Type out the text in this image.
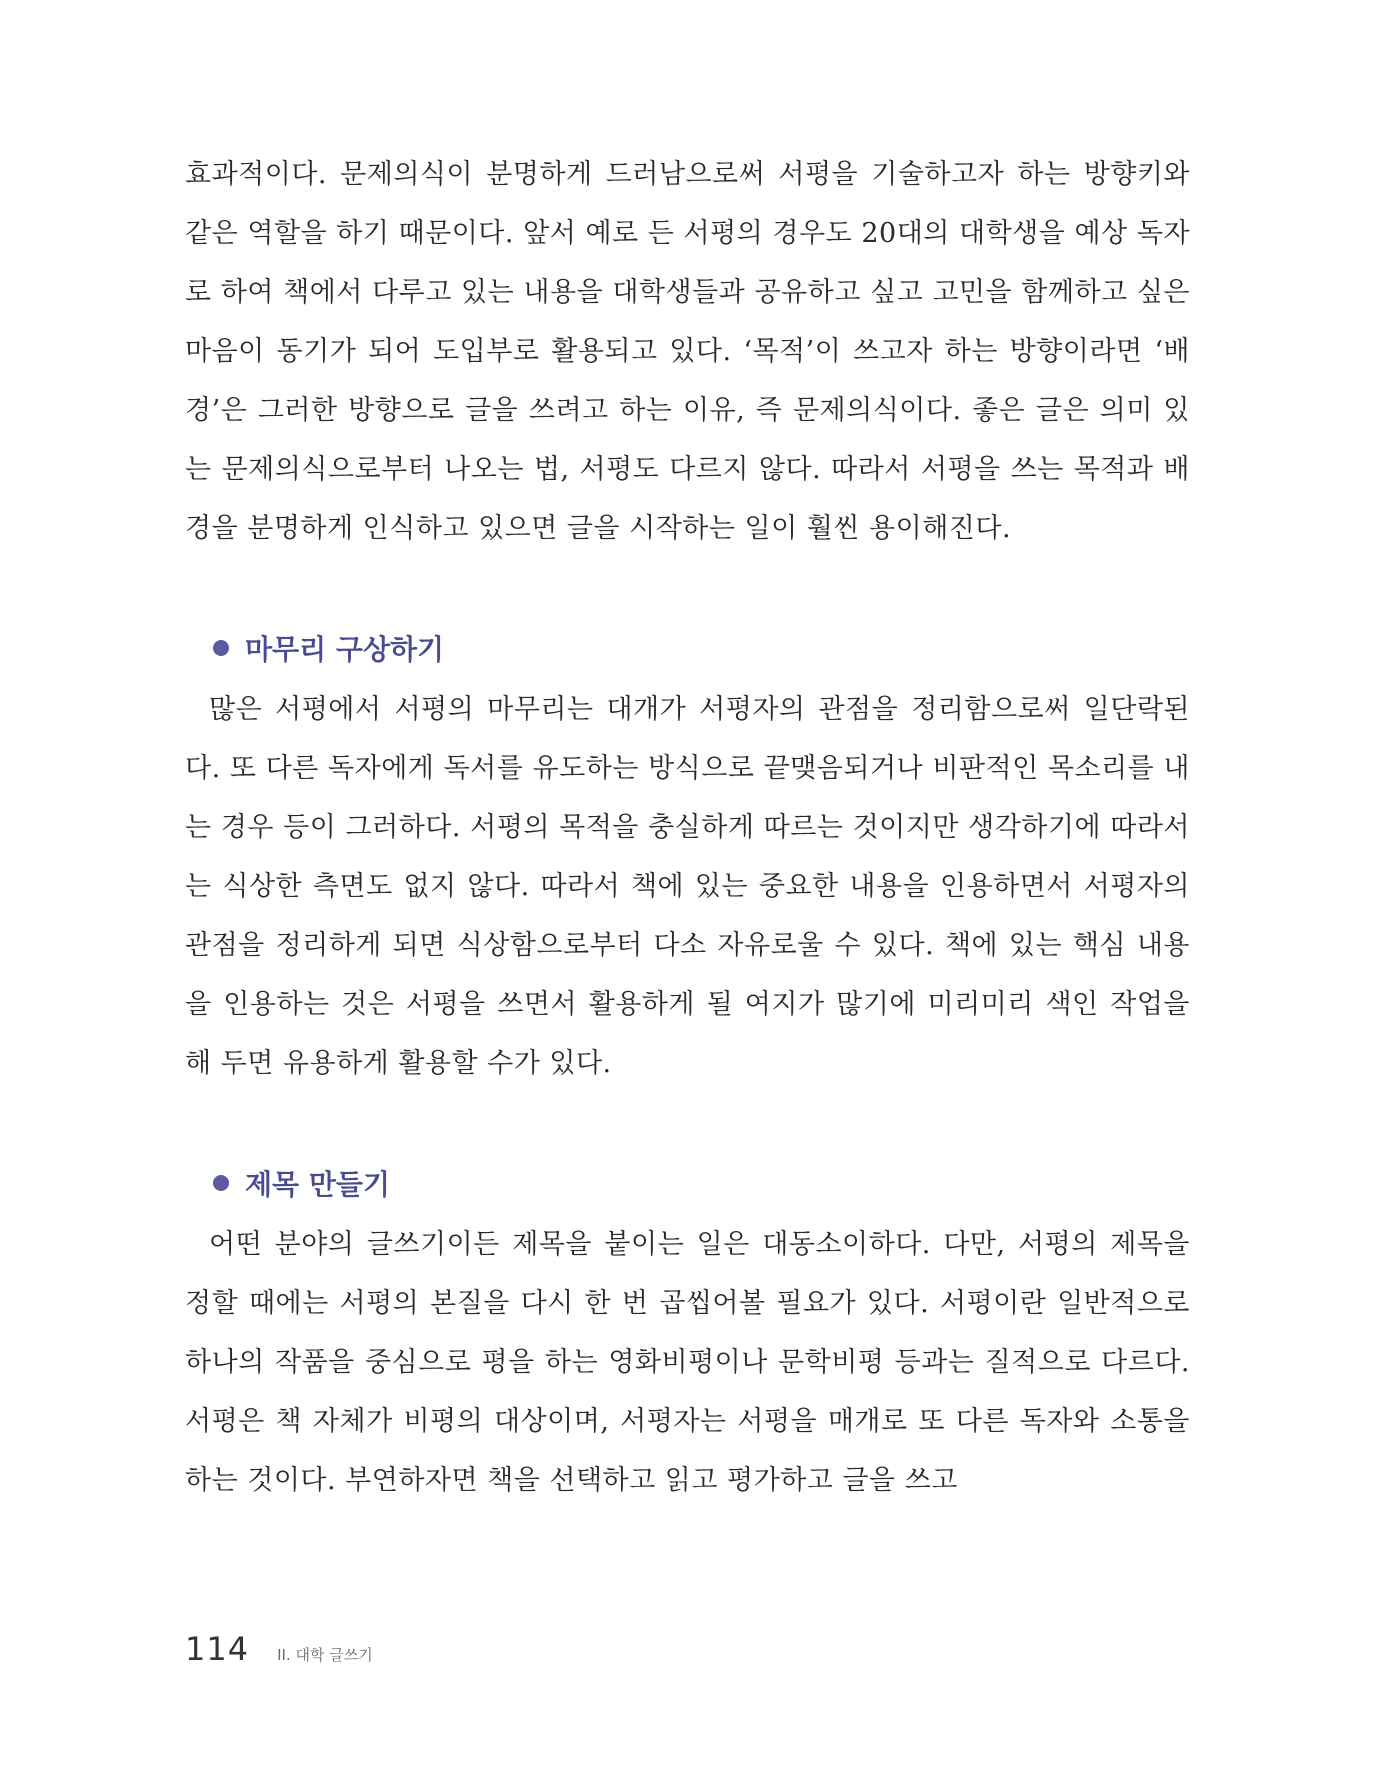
효과적이다. 문제의식이 분명하게 드러남으로써 서평을 기술하고자 하는 방향키와 같은 역할을 하기 때문이다. 앞서 예로 든 서평의 경우도 20대의 대학생을 예상 독자로 하여 책에서 다루고 있는 내용을 대학생들과 공유하고 싶고 고민을 함께하고 싶은 마음이 동기가 되어 도입부로 활용되고 있다. ‘목적’이 쓰고자 하는 방향이라면 ‘배경’은 그러한 방향으로 글을 쓰려고 하는 이유, 즉 문제의식이다. 좋은 글은 의미 있는 문제의식으로부터 나오는 법, 서평도 다르지 않다. 따라서 서평을 쓰는 목적과 배경을 분명하게 인식하고 있으면 글을 시작하는 일이 훨씬 용이해진다.

마무리 구상하기

많은 서평에서 서평의 마무리는 대개가 서평자의 관점을 정리함으로써 일단락된다. 또 다른 독자에게 독서를 유도하는 방식으로 끝맺음되거나 비판적인 목소리를 내는 경우 등이 그러하다. 서평의 목적을 충실하게 따르는 것이지만 생각하기에 따라서는 식상한 측면도 없지 않다. 따라서 책에 있는 중요한 내용을 인용하면서 서평자의 관점을 정리하게 되면 식상함으로부터 다소 자유로울 수 있다. 책에 있는 핵심 내용을 인용하는 것은 서평을 쓰면서 활용하게 될 여지가 많기에 미리미리 색인 작업을 해 두면 유용하게 활용할 수가 있다.

제목 만들기

어떤 분야의 글쓰기이든 제목을 붙이는 일은 대동소이하다. 다만, 서평의 제목을 정할 때에는 서평의 본질을 다시 한 번 곱씹어볼 필요가 있다. 서평이란 일반적으로 하나의 작품을 중심으로 평을 하는 영화비평이나 문학비평 등과는 질적으로 다르다. 서평은 책 자체가 비평의 대상이며, 서평자는 서평을 매개로 또 다른 독자와 소통을 하는 것이다. 부연하자면 책을 선택하고 읽고 평가하고 글을 쓰고

114 II. 대학 글쓰기
